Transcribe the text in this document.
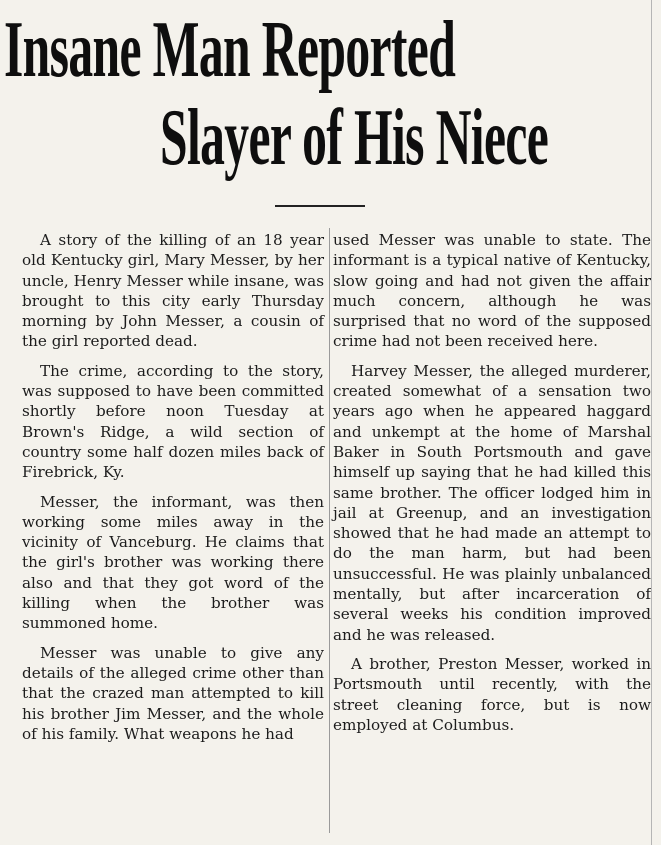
Insane Man Reported
Slayer of His Niece

A story of the killing of an 18 year old Kentucky girl, Mary Messer, by her uncle, Henry Messer while insane, was brought to this city early Thursday morning by John Messer, a cousin of the girl reported dead.

The crime, according to the story, was supposed to have been committed shortly before noon Tuesday at Brown's Ridge, a wild section of country some half dozen miles back of Firebrick, Ky.

Messer, the informant, was then working some miles away in the vicinity of Vanceburg. He claims that the girl's brother was working there also and that they got word of the killing when the brother was summoned home.

Messer was unable to give any details of the alleged crime other than that the crazed man attempted to kill his brother Jim Messer, and the whole of his family. What weapons he had

used Messer was unable to state. The informant is a typical native of Kentucky, slow going and had not given the affair much concern, although he was surprised that no word of the supposed crime had not been received here.

Harvey Messer, the alleged murderer, created somewhat of a sensation two years ago when he appeared haggard and unkempt at the home of Marshal Baker in South Portsmouth and gave himself up saying that he had killed this same brother. The officer lodged him in jail at Greenup, and an investigation showed that he had made an attempt to do the man harm, but had been unsuccessful. He was plainly unbalanced mentally, but after incarceration of several weeks his condition improved and he was released.

A brother, Preston Messer, worked in Portsmouth until recently, with the street cleaning force, but is now employed at Columbus.
